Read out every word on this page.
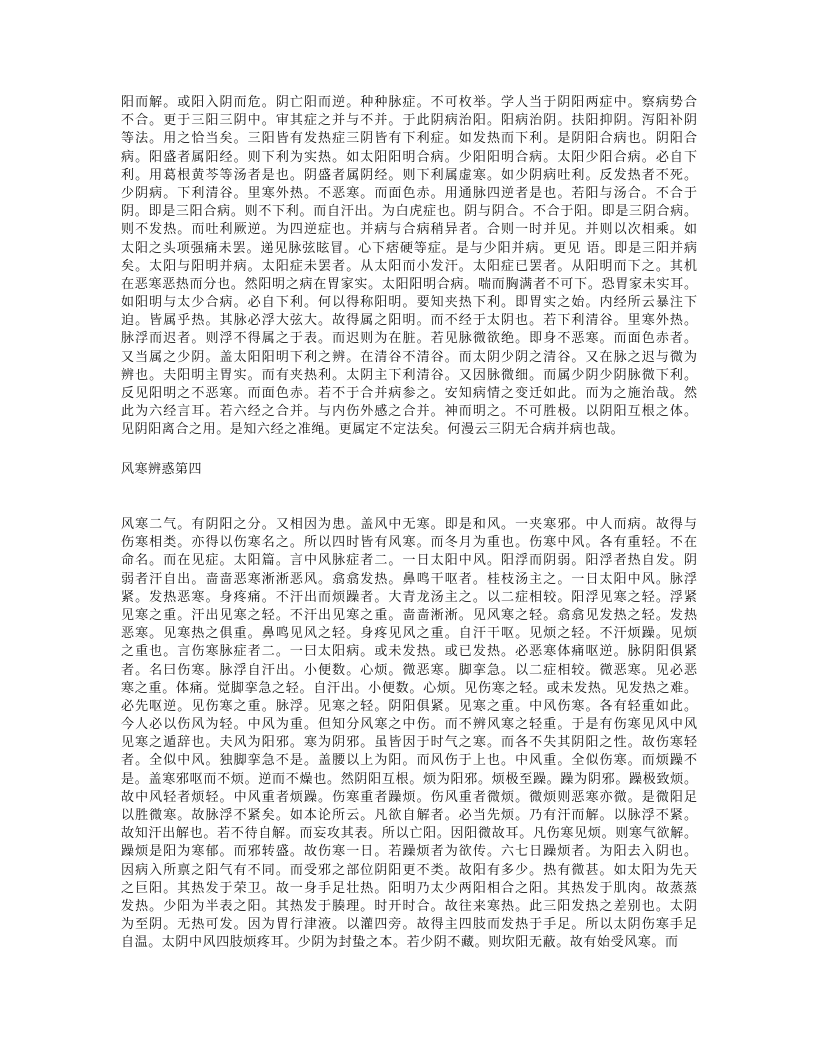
阳而解。或阳入阴而危。阴亡阳而逆。种种脉症。不可枚举。学人当于阴阳两症中。察病势合
不合。更于三阳三阴中。审其症之并与不并。于此阴病治阳。阳病治阴。扶阳抑阴。泻阳补阴
等法。用之恰当矣。三阳皆有发热症三阴皆有下利症。如发热而下利。是阴阳合病也。阴阳合
病。阳盛者属阳经。则下利为实热。如太阳阳明合病。少阳阳明合病。太阳少阳合病。必自下
利。用葛根黄芩等汤者是也。阴盛者属阴经。则下利属虚寒。如少阴病吐利。反发热者不死。
少阴病。下利清谷。里寒外热。不恶寒。而面色赤。用通脉四逆者是也。若阳与汤合。不合于
阴。即是三阳合病。则不下利。而自汗出。为白虎症也。阴与阴合。不合于阳。即是三阴合病。
则不发热。而吐利厥逆。为四逆症也。并病与合病稍异者。合则一时并见。并则以次相乘。如
太阳之头项强痛未罢。递见脉弦眩冒。心下痞硬等症。是与少阳并病。更见 语。即是三阳并病
矣。太阳与阳明并病。太阳症未罢者。从太阳而小发汗。太阳症已罢者。从阳明而下之。其机
在恶寒恶热而分也。然阳明之病在胃家实。太阳阳明合病。喘而胸满者不可下。恐胃家未实耳。
如阳明与太少合病。必自下利。何以得称阳明。要知夹热下利。即胃实之始。内经所云暴注下
迫。皆属乎热。其脉必浮大弦大。故得属之阳明。而不经于太阴也。若下利清谷。里寒外热。
脉浮而迟者。则浮不得属之于表。而迟则为在脏。若见脉微欲绝。即身不恶寒。而面色赤者。
又当属之少阴。盖太阳阳明下利之辨。在清谷不清谷。而太阴少阴之清谷。又在脉之迟与微为
辨也。夫阳明主胃实。而有夹热利。太阴主下利清谷。又因脉微细。而属少阴少阴脉微下利。
反见阳明之不恶寒。而面色赤。若不于合并病参之。安知病情之变迁如此。而为之施治哉。然
此为六经言耳。若六经之合并。与内伤外感之合并。神而明之。不可胜极。以阴阳互根之体。
见阴阳离合之用。是知六经之准绳。更属定不定法矣。何漫云三阴无合病并病也哉。
风寒辨惑第四
风寒二气。有阴阳之分。又相因为患。盖风中无寒。即是和风。一夹寒邪。中人而病。故得与
伤寒相类。亦得以伤寒名之。所以四时皆有风寒。而冬月为重也。伤寒中风。各有重轻。不在
命名。而在见症。太阳篇。言中风脉症者二。一日太阳中风。阳浮而阴弱。阳浮者热自发。阴
弱者汗自出。啬啬恶寒淅淅恶风。翕翕发热。鼻鸣干呕者。桂枝汤主之。一日太阳中风。脉浮
紧。发热恶寒。身疼痛。不汗出而烦躁者。大青龙汤主之。以二症相较。阳浮见寒之轻。浮紧
见寒之重。汗出见寒之轻。不汗出见寒之重。啬啬淅淅。见风寒之轻。翕翕见发热之轻。发热
恶寒。见寒热之俱重。鼻鸣见风之轻。身疼见风之重。自汗干呕。见烦之轻。不汗烦躁。见烦
之重也。言伤寒脉症者二。一曰太阳病。或未发热。或已发热。必恶寒体痛呕逆。脉阴阳俱紧
者。名曰伤寒。脉浮自汗出。小便数。心烦。微恶寒。脚挛急。以二症相较。微恶寒。见必恶
寒之重。体痛。觉脚挛急之轻。自汗出。小便数。心烦。见伤寒之轻。或未发热。见发热之难。
必先呕逆。见伤寒之重。脉浮。见寒之轻。阴阳俱紧。见寒之重。中风伤寒。各有轻重如此。
今人必以伤风为轻。中风为重。但知分风寒之中伤。而不辨风寒之轻重。于是有伤寒见风中风
见寒之遁辞也。夫风为阳邪。寒为阴邪。虽皆因于时气之寒。而各不失其阴阳之性。故伤寒轻
者。全似中风。独脚挛急不是。盖腰以上为阳。而风伤于上也。中风重。全似伤寒。而烦躁不
是。盖寒邪呕而不烦。逆而不燥也。然阴阳互根。烦为阳邪。烦极至躁。躁为阴邪。躁极致烦。
故中风轻者烦轻。中风重者烦躁。伤寒重者躁烦。伤风重者微烦。微烦则恶寒亦微。是微阳足
以胜微寒。故脉浮不紧矣。如本论所云。凡欲自解者。必当先烦。乃有汗而解。以脉浮不紧。
故知汗出解也。若不待自解。而妄攻其表。所以亡阳。因阳微故耳。凡伤寒见烦。则寒气欲解。
躁烦是阳为寒郁。而邪转盛。故伤寒一日。若躁烦者为欲传。六七日躁烦者。为阳去入阴也。
因病入所禀之阳气有不同。而受邪之部位阴阳更不类。故阳有多少。热有微甚。如太阳为先天
之巨阳。其热发于荣卫。故一身手足壮热。阳明乃太少两阳相合之阳。其热发于肌肉。故蒸蒸
发热。少阳为半表之阳。其热发于腠理。时开时合。故往来寒热。此三阳发热之差别也。太阴
为至阴。无热可发。因为胃行津液。以灌四旁。故得主四肢而发热于手足。所以太阴伤寒手足
自温。太阴中风四肢烦疼耳。少阴为封蛰之本。若少阴不藏。则坎阳无蔽。故有始受风寒。而
